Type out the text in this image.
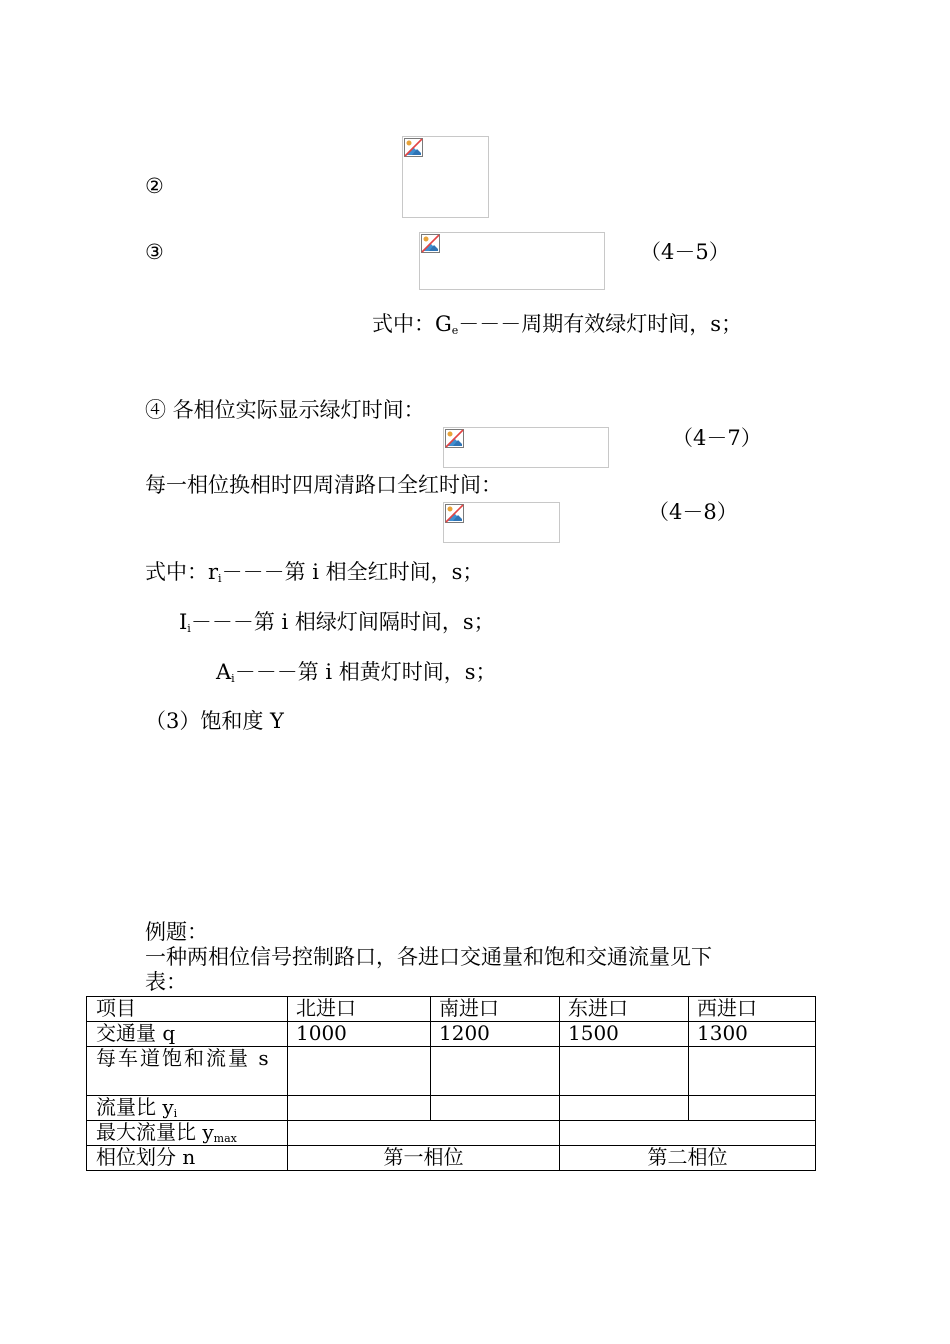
②
③	（4－5）
式中：$G_e---$周期有效绿灯时间，s；
④ 各相位实际显示绿灯时间：
（4－7）
每一相位换相时四周清路口全红时间：
（4－8）
式中：$r_i---$第 i 相全红时间，s；
$I_i---$第 i 相绿灯间隔时间，s；
$A_i---$第 i 相黄灯时间，s；
（3）饱和度 Y
例题：
一种两相位信号控制路口，各进口交通量和饱和交通流量见下
表：
项目	北进口	南进口	东进口	西进口
交通量 q	1000	1200	1500	1300
每车道饱和流量 s				
流量比 $y_i$				
最大流量比 $y_{max}$		
相位划分 n	第一相位		第二相位	
